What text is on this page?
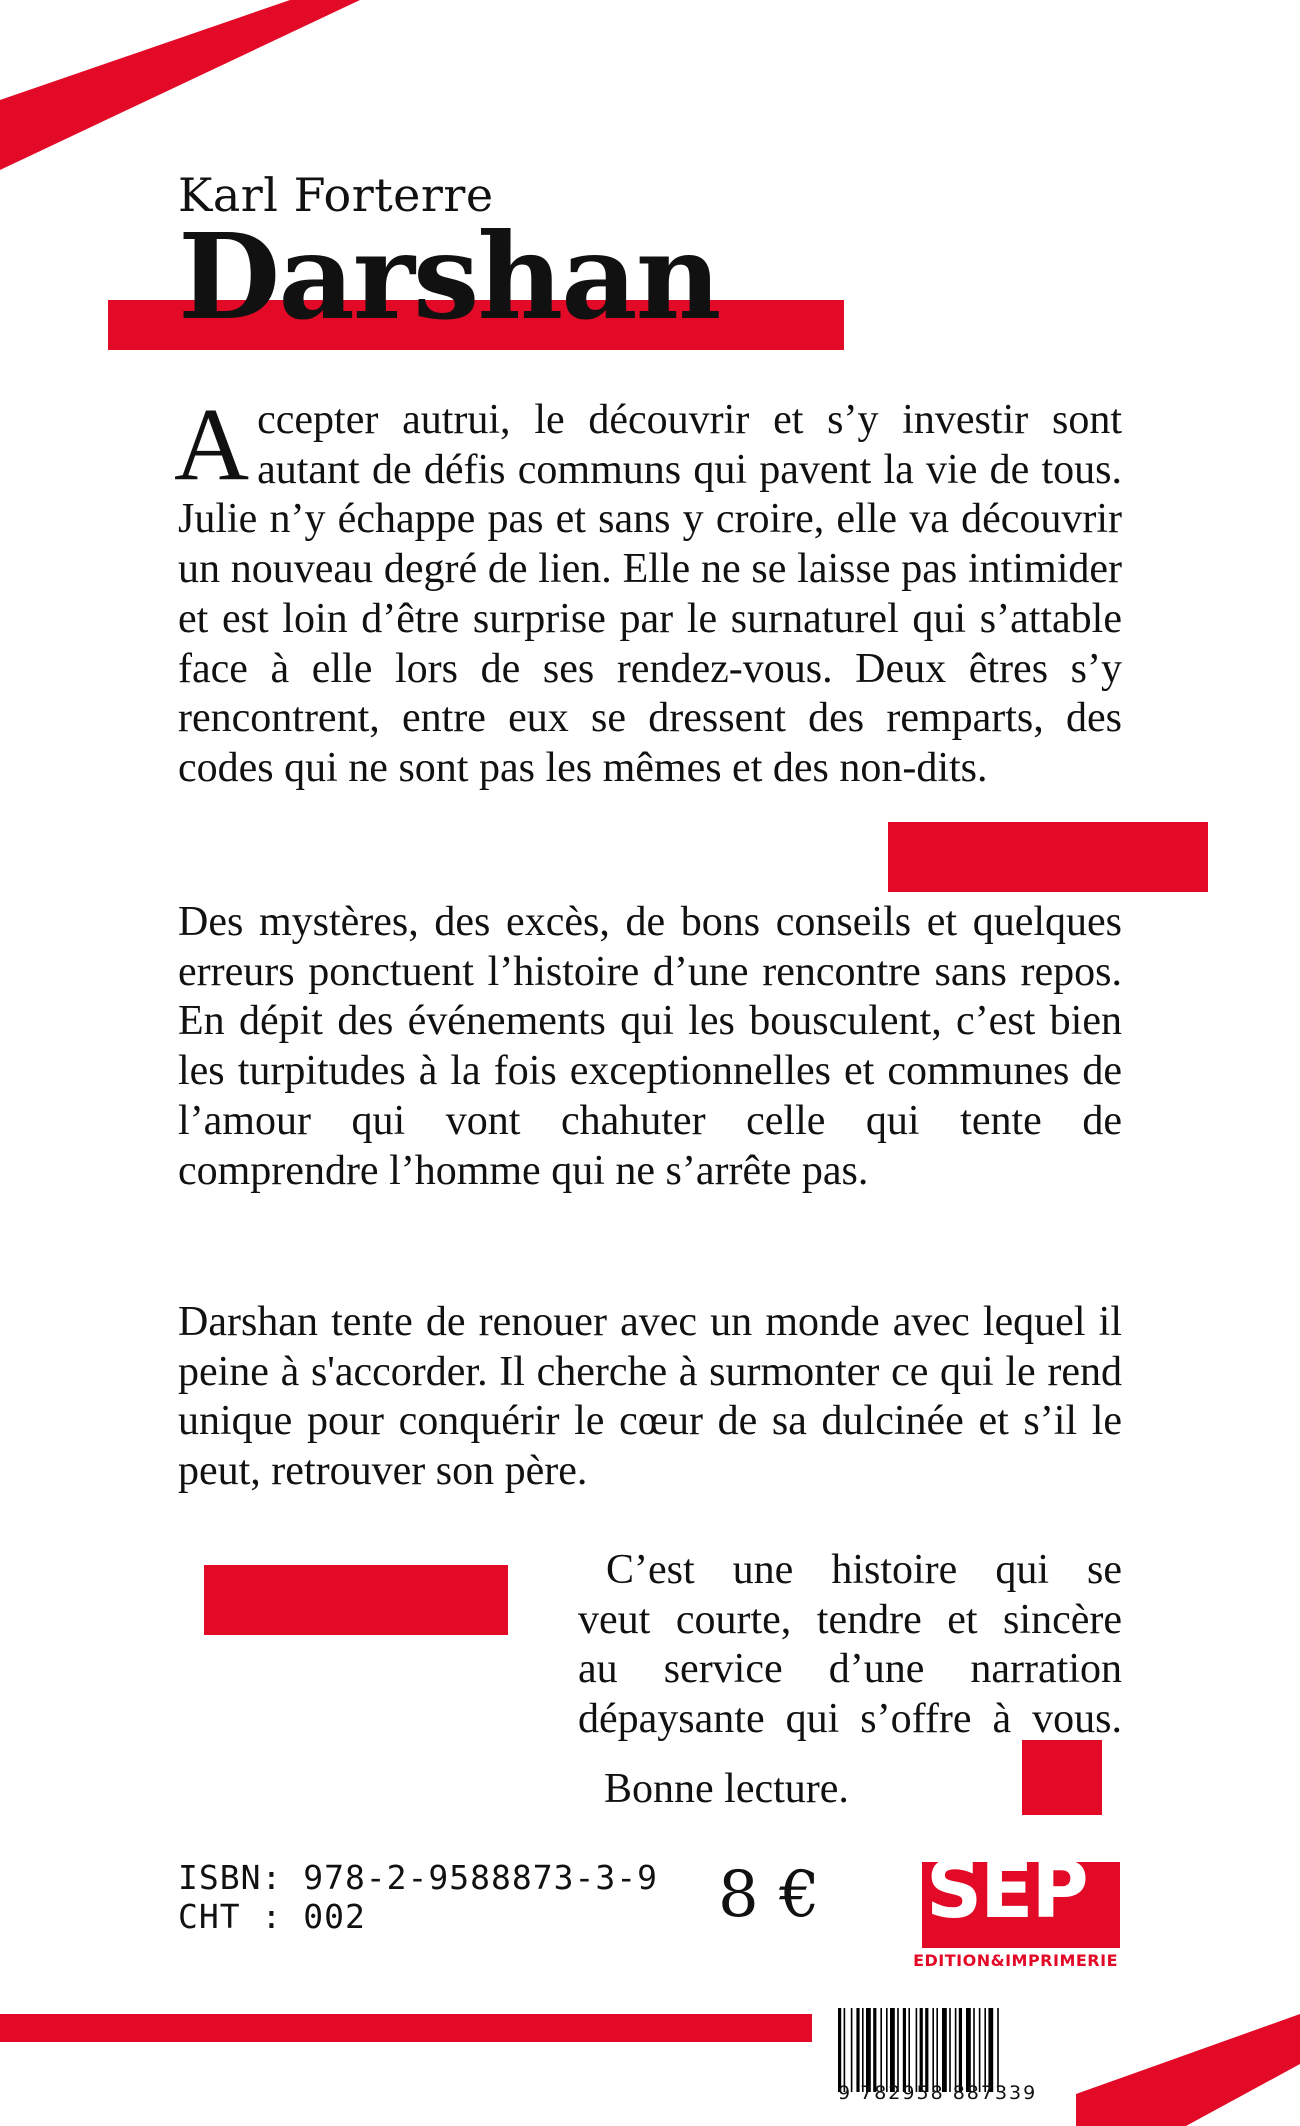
Karl Forterre
Darshan

Accepter autrui, le découvrir et s’y investir sont autant de défis communs qui pavent la vie de tous. Julie n’y échappe pas et sans y croire, elle va découvrir un nouveau degré de lien. Elle ne se laisse pas intimider et est loin d’être surprise par le surnaturel qui s’attable face à elle lors de ses rendez-vous. Deux êtres s’y rencontrent, entre eux se dressent des remparts, des codes qui ne sont pas les mêmes et des non-dits.

Des mystères, des excès, de bons conseils et quelques erreurs ponctuent l’histoire d’une rencontre sans repos. En dépit des événements qui les bousculent, c’est bien les turpitudes à la fois exceptionnelles et communes de l’amour qui vont chahuter celle qui tente de comprendre l’homme qui ne s’arrête pas.

Darshan tente de renouer avec un monde avec lequel il peine à s'accorder. Il cherche à surmonter ce qui le rend unique pour conquérir le cœur de sa dulcinée et s’il le peut, retrouver son père.

C’est une histoire qui se
veut courte, tendre et sincère
au service d’une narration
dépaysante qui s’offre à vous.

Bonne lecture.
ISBN: 978-2-9588873-3-9
CHT : 002	8 € SEP
EDITION&IMPRIMERIE
9 782958 887339
